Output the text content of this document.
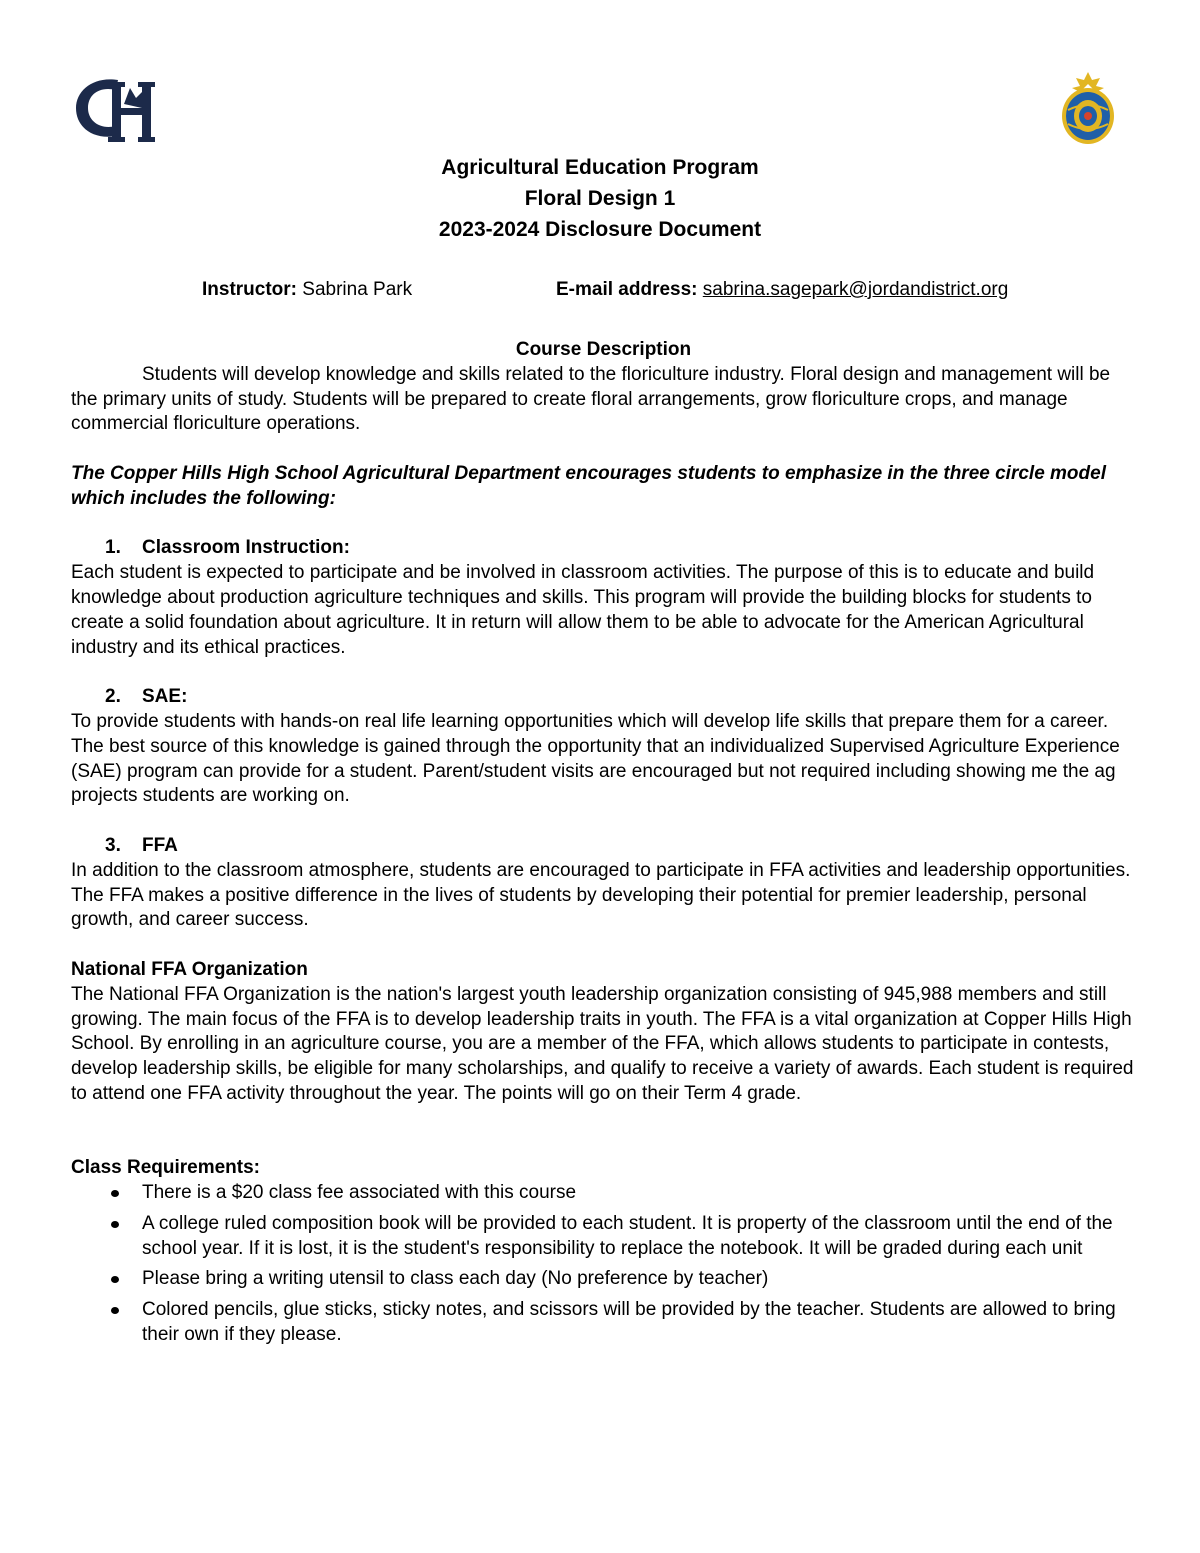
Agricultural Education Program
Floral Design 1
2023-2024 Disclosure Document
Instructor: Sabrina Park	E-mail address: sabrina.sagepark@jordandistrict.org
Course Description

Students will develop knowledge and skills related to the floriculture industry. Floral design and management will be the primary units of study. Students will be prepared to create floral arrangements, grow floriculture crops, and manage commercial floriculture operations.

The Copper Hills High School Agricultural Department encourages students to emphasize in the three circle model which includes the following:

1. Classroom Instruction:

Each student is expected to participate and be involved in classroom activities. The purpose of this is to educate and build knowledge about production agriculture techniques and skills. This program will provide the building blocks for students to create a solid foundation about agriculture. It in return will allow them to be able to advocate for the American Agricultural industry and its ethical practices.

2. SAE:

To provide students with hands-on real life learning opportunities which will develop life skills that prepare them for a career. The best source of this knowledge is gained through the opportunity that an individualized Supervised Agriculture Experience (SAE) program can provide for a student. Parent/student visits are encouraged but not required including showing me the ag projects students are working on.

3. FFA

In addition to the classroom atmosphere, students are encouraged to participate in FFA activities and leadership opportunities. The FFA makes a positive difference in the lives of students by developing their potential for premier leadership, personal growth, and career success.

National FFA Organization

The National FFA Organization is the nation's largest youth leadership organization consisting of 945,988 members and still growing. The main focus of the FFA is to develop leadership traits in youth. The FFA is a vital organization at Copper Hills High School. By enrolling in an agriculture course, you are a member of the FFA, which allows students to participate in contests, develop leadership skills, be eligible for many scholarships, and qualify to receive a variety of awards. Each student is required to attend one FFA activity throughout the year. The points will go on their Term 4 grade.

Class Requirements:

There is a $20 class fee associated with this course
A college ruled composition book will be provided to each student. It is property of the classroom until the end of the school year. If it is lost, it is the student's responsibility to replace the notebook. It will be graded during each unit
Please bring a writing utensil to class each day (No preference by teacher)
Colored pencils, glue sticks, sticky notes, and scissors will be provided by the teacher. Students are allowed to bring their own if they please.
